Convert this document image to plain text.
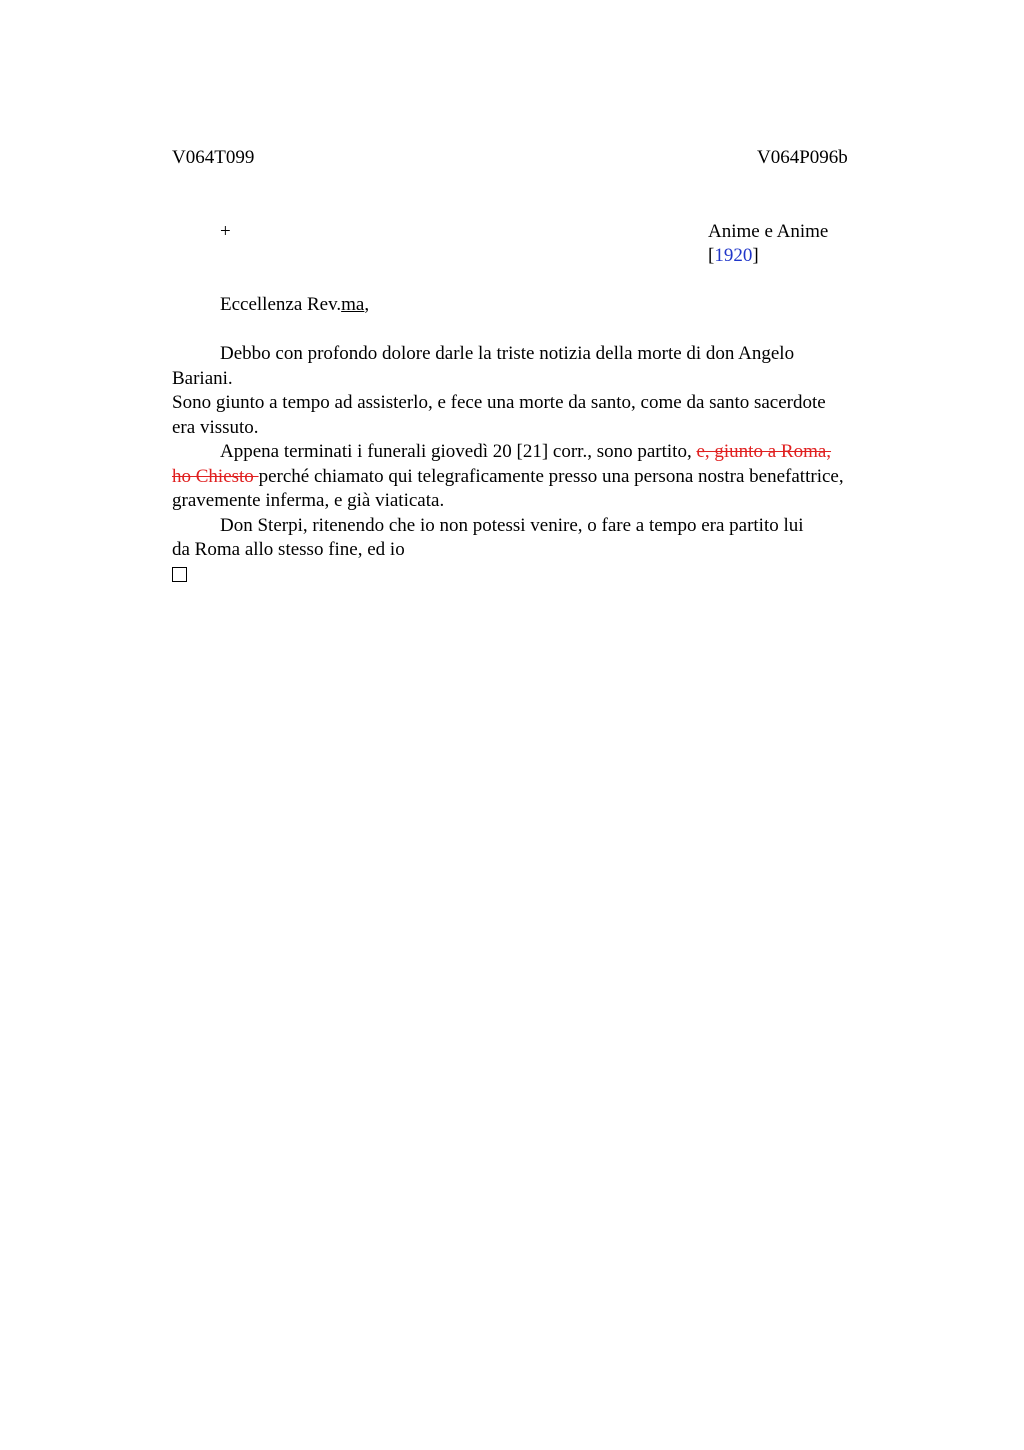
V064T099	V064P096b
+	Anime e Anime
[1920]
Eccellenza Rev.ma,
Debbo con profondo dolore darle la triste notizia della morte di don Angelo
Bariani.
Sono giunto a tempo ad assisterlo, e fece una morte da santo, come da santo sacerdote
era vissuto.
Appena terminati i funerali giovedì 20 [21] corr., sono partito, e, giunto a Roma,
ho Chiesto perché chiamato qui telegraficamente presso una persona nostra benefattrice,
gravemente inferma, e già viaticata.
Don Sterpi, ritenendo che io non potessi venire, o fare a tempo era partito lui
da Roma allo stesso fine, ed io
